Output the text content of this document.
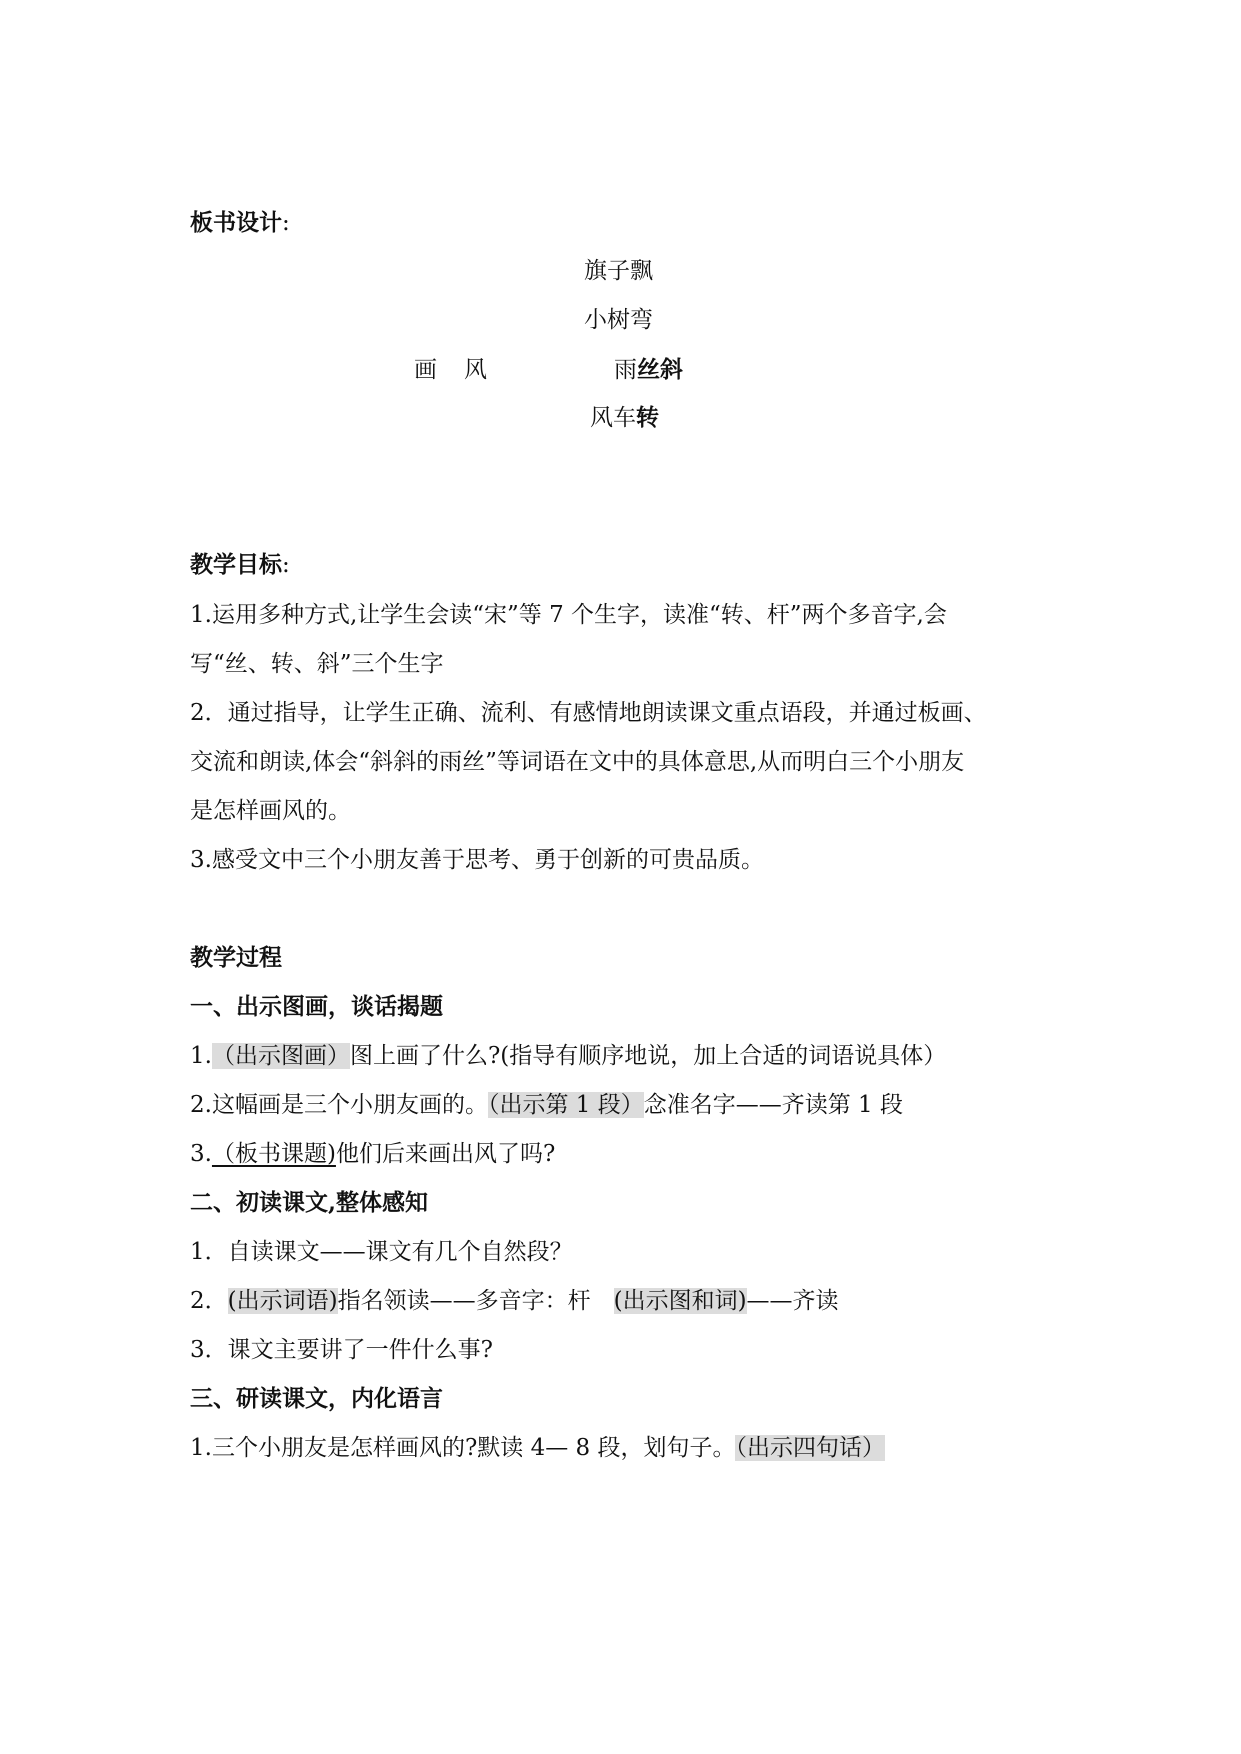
板书设计:
旗子飘
小树弯
画 风	雨丝斜
风车转
教学目标:
1.运用多种方式,让学生会读“宋”等 7 个生字，读准“转、杆”两个多音字,会
写“丝、转、斜”三个生字
2．通过指导，让学生正确、流利、有感情地朗读课文重点语段，并通过板画、
交流和朗读,体会“斜斜的雨丝”等词语在文中的具体意思,从而明白三个小朋友
是怎样画风的。
3.感受文中三个小朋友善于思考、勇于创新的可贵品质。
教学过程
一、出示图画，谈话揭题
1.（出示图画）图上画了什么?(指导有顺序地说，加上合适的词语说具体）
2.这幅画是三个小朋友画的。（出示第 1 段）念准名字——齐读第 1 段
3.（板书课题)他们后来画出风了吗?
二、初读课文,整体感知
1．自读课文——课文有几个自然段？
2．(出示词语)指名领读——多音字：杆　(出示图和词)——齐读
3．课文主要讲了一件什么事?
三、研读课文，内化语言
1.三个小朋友是怎样画风的?默读 4— 8 段，划句子。（出示四句话）
